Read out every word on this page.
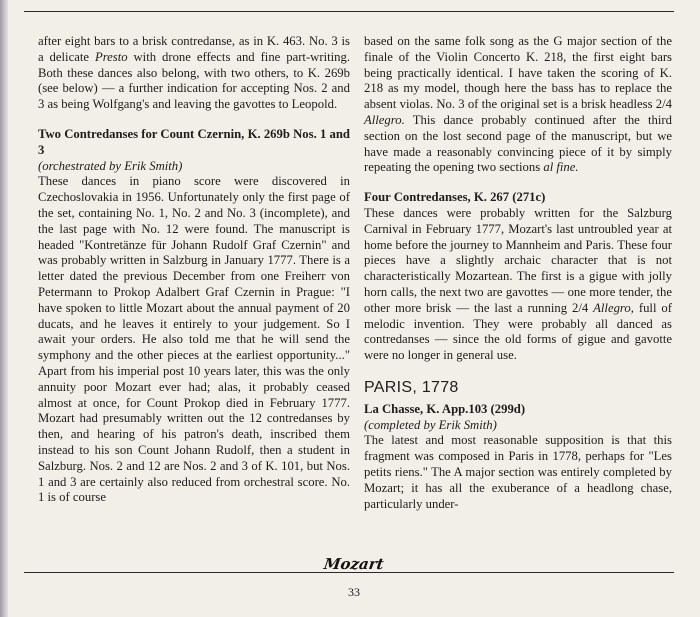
after eight bars to a brisk contredanse, as in K. 463. No. 3 is a delicate Presto with drone effects and fine part-writing. Both these dances also belong, with two others, to K. 269b (see below) — a further indication for accepting Nos. 2 and 3 as being Wolfgang's and leaving the gavottes to Leopold.

Two Contredanses for Count Czernin, K. 269b Nos. 1 and 3

(orchestrated by Erik Smith)

These dances in piano score were discovered in Czechoslovakia in 1956. Unfortunately only the first page of the set, containing No. 1, No. 2 and No. 3 (incomplete), and the last page with No. 12 were found. The manuscript is headed "Kontretänze für Johann Rudolf Graf Czernin" and was probably written in Salzburg in January 1777. There is a letter dated the previous December from one Freiherr von Petermann to Prokop Adalbert Graf Czernin in Prague: "I have spoken to little Mozart about the annual payment of 20 ducats, and he leaves it entirely to your judgement. So I await your orders. He also told me that he will send the symphony and the other pieces at the earliest opportunity..." Apart from his imperial post 10 years later, this was the only annuity poor Mozart ever had; alas, it probably ceased almost at once, for Count Prokop died in February 1777. Mozart had presumably written out the 12 contredanses by then, and hearing of his patron's death, inscribed them instead to his son Count Johann Rudolf, then a student in Salzburg. Nos. 2 and 12 are Nos. 2 and 3 of K. 101, but Nos. 1 and 3 are certainly also reduced from orchestral score. No. 1 is of course

based on the same folk song as the G major section of the finale of the Violin Concerto K. 218, the first eight bars being practically identical. I have taken the scoring of K. 218 as my model, though here the bass has to replace the absent violas. No. 3 of the original set is a brisk headless 2/4 Allegro. This dance probably continued after the third section on the lost second page of the manuscript, but we have made a reasonably convincing piece of it by simply repeating the opening two sections al fine.

Four Contredanses, K. 267 (271c)

These dances were probably written for the Salzburg Carnival in February 1777, Mozart's last untroubled year at home before the journey to Mannheim and Paris. These four pieces have a slightly archaic character that is not characteristically Mozartean. The first is a gigue with jolly horn calls, the next two are gavottes — one more tender, the other more brisk — the last a running 2/4 Allegro, full of melodic invention. They were probably all danced as contredanses — since the old forms of gigue and gavotte were no longer in general use.

PARIS, 1778

La Chasse, K. App.103 (299d)

(completed by Erik Smith)

The latest and most reasonable supposition is that this fragment was composed in Paris in 1778, perhaps for "Les petits riens." The A major section was entirely completed by Mozart; it has all the exuberance of a headlong chase, particularly under-

Mozart
33
